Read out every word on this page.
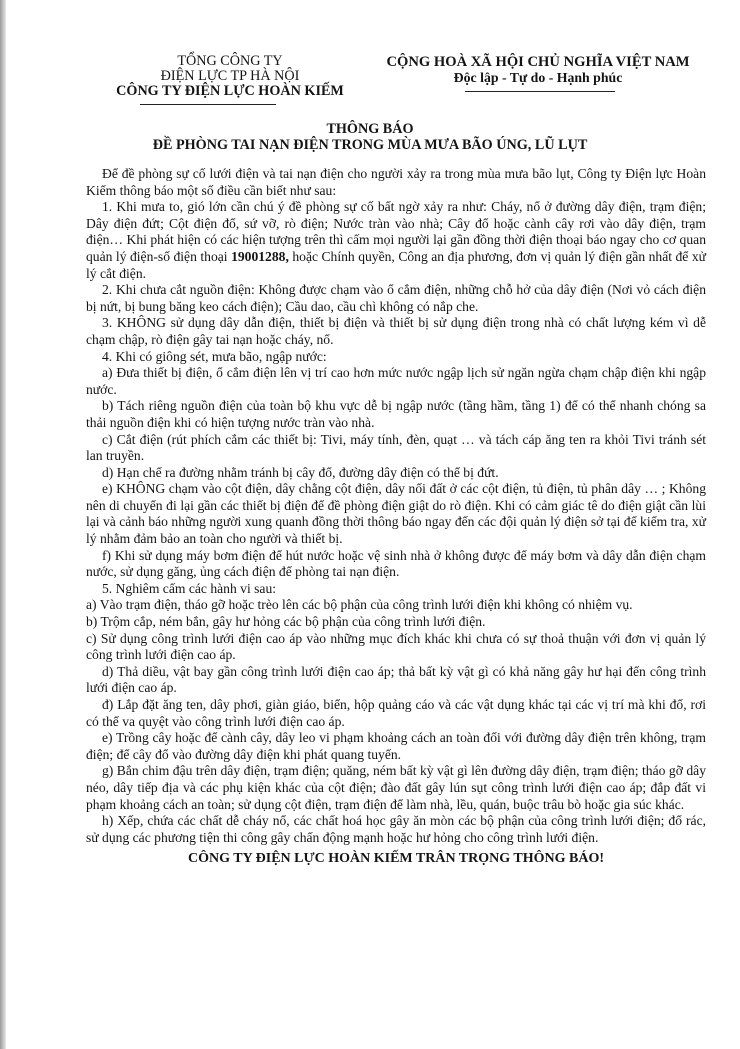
TỔNG CÔNG TY
ĐIỆN LỰC TP HÀ NỘI
CÔNG TY ĐIỆN LỰC HOÀN KIẾM
CỘNG HOÀ XÃ HỘI CHỦ NGHĨA VIỆT NAM
Độc lập - Tự do - Hạnh phúc
THÔNG BÁO
ĐỀ PHÒNG TAI NẠN ĐIỆN TRONG MÙA MƯA BÃO ÚNG, LŨ LỤT

Để đề phòng sự cố lưới điện và tai nạn điện cho người xảy ra trong mùa mưa bão lụt, Công ty Điện lực Hoàn Kiếm thông báo một số điều cần biết như sau:

1. Khi mưa to, gió lớn cần chú ý đề phòng sự cố bất ngờ xảy ra như: Cháy, nổ ở đường dây điện, trạm điện; Dây điện đứt; Cột điện đổ, sứ vỡ, rò điện; Nước tràn vào nhà; Cây đổ hoặc cành cây rơi vào dây điện, trạm điện… Khi phát hiện có các hiện tượng trên thì cấm mọi người lại gần đồng thời điện thoại báo ngay cho cơ quan quản lý điện-số điện thoại 19001288, hoặc Chính quyền, Công an địa phương, đơn vị quản lý điện gần nhất để xử lý cắt điện.

2. Khi chưa cắt nguồn điện: Không được chạm vào ổ cắm điện, những chỗ hở của dây điện (Nơi vỏ cách điện bị nứt, bị bung băng keo cách điện); Cầu dao, cầu chì không có nắp che.

3. KHÔNG sử dụng dây dẫn điện, thiết bị điện và thiết bị sử dụng điện trong nhà có chất lượng kém vì dễ chạm chập, rò điện gây tai nạn hoặc cháy, nổ.

4. Khi có giông sét, mưa bão, ngập nước:

a) Đưa thiết bị điện, ổ cắm điện lên vị trí cao hơn mức nước ngập lịch sử ngăn ngừa chạm chập điện khi ngập nước.

b) Tách riêng nguồn điện của toàn bộ khu vực dễ bị ngập nước (tầng hầm, tầng 1) để có thể nhanh chóng sa thải nguồn điện khi có hiện tượng nước tràn vào nhà.

c) Cắt điện (rút phích cắm các thiết bị: Tivi, máy tính, đèn, quạt … và tách cáp ăng ten ra khỏi Tivi tránh sét lan truyền.

d) Hạn chế ra đường nhằm tránh bị cây đổ, đường dây điện có thể bị đứt.

e) KHÔNG chạm vào cột điện, dây chằng cột điện, dây nối đất ở các cột điện, tủ điện, tủ phân dây … ; Không nên di chuyển đi lại gần các thiết bị điện để đề phòng điện giật do rò điện. Khi có cảm giác tê do điện giật cần lùi lại và cảnh báo những người xung quanh đồng thời thông báo ngay đến các đội quản lý điện sở tại để kiểm tra, xử lý nhằm đảm bảo an toàn cho người và thiết bị.

f) Khi sử dụng máy bơm điện để hút nước hoặc vệ sinh nhà ở không được để máy bơm và dây dẫn điện chạm nước, sử dụng găng, ủng cách điện để phòng tai nạn điện.

5. Nghiêm cấm các hành vi sau:

a) Vào trạm điện, tháo gỡ hoặc trèo lên các bộ phận của công trình lưới điện khi không có nhiệm vụ.

b) Trộm cắp, ném bắn, gây hư hỏng các bộ phận của công trình lưới điện.

c) Sử dụng công trình lưới điện cao áp vào những mục đích khác khi chưa có sự thoả thuận với đơn vị quản lý công trình lưới điện cao áp.

d) Thả diều, vật bay gần công trình lưới điện cao áp; thả bất kỳ vật gì có khả năng gây hư hại đến công trình lưới điện cao áp.

đ) Lắp đặt ăng ten, dây phơi, giàn giáo, biển, hộp quảng cáo và các vật dụng khác tại các vị trí mà khi đổ, rơi có thể va quyệt vào công trình lưới điện cao áp.

e) Trồng cây hoặc để cành cây, dây leo vi phạm khoảng cách an toàn đối với đường dây điện trên không, trạm điện; để cây đổ vào đường dây điện khi phát quang tuyến.

g) Bắn chim đậu trên dây điện, trạm điện; quăng, ném bất kỳ vật gì lên đường dây điện, trạm điện; tháo gỡ dây néo, dây tiếp địa và các phụ kiện khác của cột điện; đào đất gây lún sụt công trình lưới điện cao áp; đắp đất vi phạm khoảng cách an toàn; sử dụng cột điện, trạm điện để làm nhà, lều, quán, buộc trâu bò hoặc gia súc khác.

h) Xếp, chứa các chất dễ cháy nổ, các chất hoá học gây ăn mòn các bộ phận của công trình lưới điện; đổ rác, sử dụng các phương tiện thi công gây chấn động mạnh hoặc hư hỏng cho công trình lưới điện.

CÔNG TY ĐIỆN LỰC HOÀN KIẾM TRÂN TRỌNG THÔNG BÁO!
